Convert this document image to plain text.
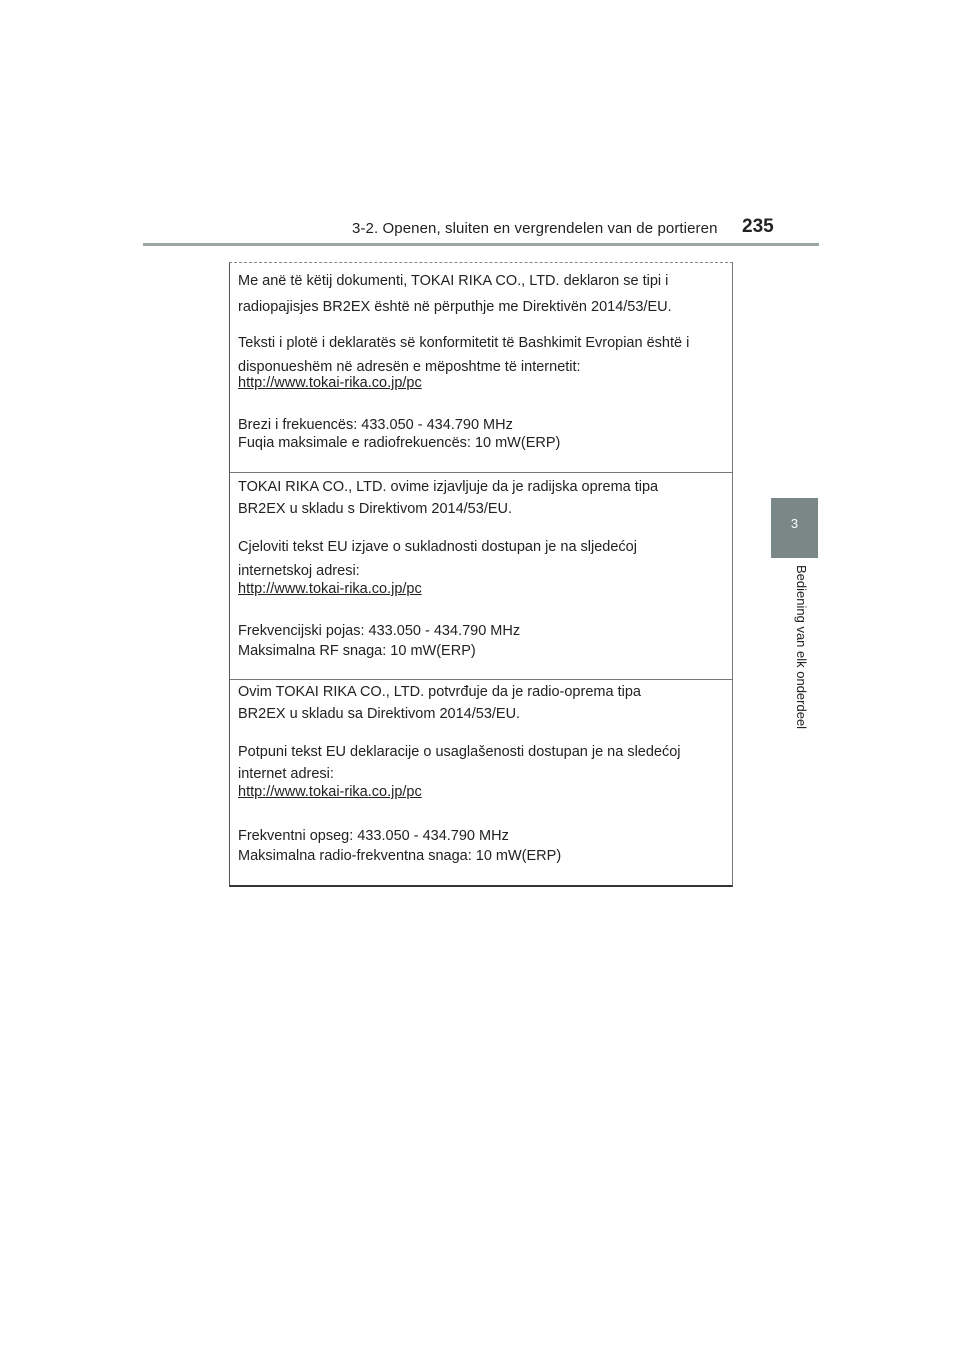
3-2. Openen, sluiten en vergrendelen van de portieren 235
3
Bediening van elk onderdeel
Me anë të këtij dokumenti, TOKAI RIKA CO., LTD. deklaron se tipi i
radiopajisjes BR2EX është në përputhje me Direktivën 2014/53/EU.
Teksti i plotë i deklaratës së konformitetit të Bashkimit Evropian është i
disponueshëm në adresën e mëposhtme të internetit:
http://www.tokai-rika.co.jp/pc
Brezi i frekuencës: 433.050 - 434.790 MHz
Fuqia maksimale e radiofrekuencës: 10 mW(ERP)
TOKAI RIKA CO., LTD. ovime izjavljuje da je radijska oprema tipa
BR2EX u skladu s Direktivom 2014/53/EU.
Cjeloviti tekst EU izjave o sukladnosti dostupan je na sljedećoj
internetskoj adresi:
http://www.tokai-rika.co.jp/pc
Frekvencijski pojas: 433.050 - 434.790 MHz
Maksimalna RF snaga: 10 mW(ERP)
Ovim TOKAI RIKA CO., LTD. potvrđuje da je radio-oprema tipa
BR2EX u skladu sa Direktivom 2014/53/EU.
Potpuni tekst EU deklaracije o usaglašenosti dostupan je na sledećoj
internet adresi:
http://www.tokai-rika.co.jp/pc
Frekventni opseg: 433.050 - 434.790 MHz
Maksimalna radio-frekventna snaga: 10 mW(ERP)
